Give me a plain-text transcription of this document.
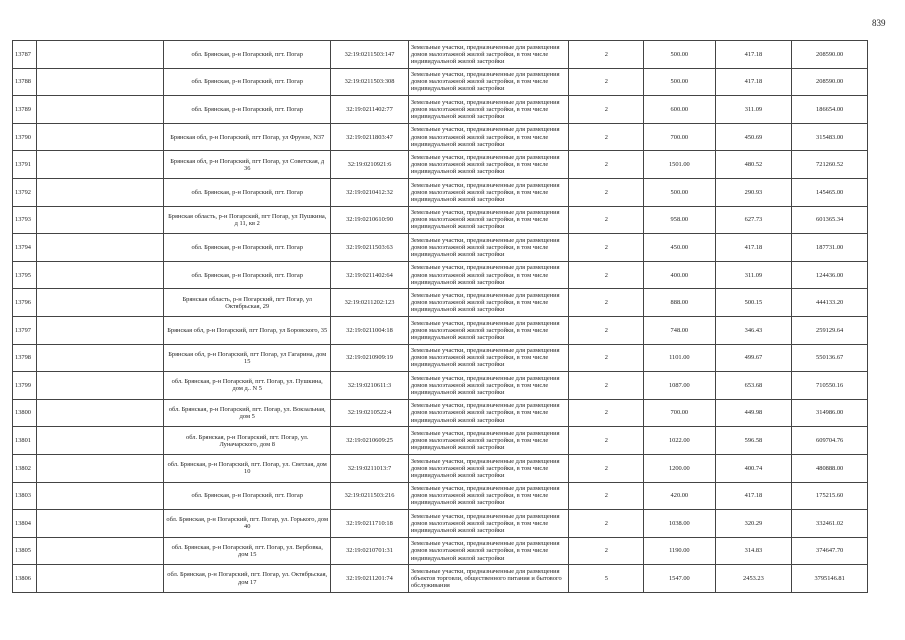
839
13787		обл. Брянская, р-н Погарский, пгт. Погар	32:19:0211503:147	Земельные участки, предназначенные для размещения домов малоэтажной жилой застройки, в том числе индивидуальной жилой застройки	2	500.00	417.18	208590.00
13788		обл. Брянская, р-н Погарский, пгт. Погар	32:19:0211503:308	Земельные участки, предназначенные для размещения домов малоэтажной жилой застройки, в том числе индивидуальной жилой застройки	2	500.00	417.18	208590.00
13789		обл. Брянская, р-н Погарский, пгт. Погар	32:19:0211402:77	Земельные участки, предназначенные для размещения домов малоэтажной жилой застройки, в том числе индивидуальной жилой застройки	2	600.00	311.09	186654.00
13790		Брянская обл, р-н Погарский, пгт Погар, ул Фрунзе, N37	32:19:0211803:47	Земельные участки, предназначенные для размещения домов малоэтажной жилой застройки, в том числе индивидуальной жилой застройки	2	700.00	450.69	315483.00
13791		Брянская обл, р-н Погарский, пгт Погар, ул Советская, д 36	32:19:0210921:6	Земельные участки, предназначенные для размещения домов малоэтажной жилой застройки, в том числе индивидуальной жилой застройки	2	1501.00	480.52	721260.52
13792		обл. Брянская, р-н Погарский, пгт. Погар	32:19:0210412:32	Земельные участки, предназначенные для размещения домов малоэтажной жилой застройки, в том числе индивидуальной жилой застройки	2	500.00	290.93	145465.00
13793		Брянская область, р-н Погарский, пгт Погар, ул Пушкина, д 11, кв 2	32:19:0210610:90	Земельные участки, предназначенные для размещения домов малоэтажной жилой застройки, в том числе индивидуальной жилой застройки	2	958.00	627.73	601365.34
13794		обл. Брянская, р-н Погарский, пгт. Погар	32:19:0211503:63	Земельные участки, предназначенные для размещения домов малоэтажной жилой застройки, в том числе индивидуальной жилой застройки	2	450.00	417.18	187731.00
13795		обл. Брянская, р-н Погарский, пгт. Погар	32:19:0211402:64	Земельные участки, предназначенные для размещения домов малоэтажной жилой застройки, в том числе индивидуальной жилой застройки	2	400.00	311.09	124436.00
13796		Брянская область, р-н Погарский, пгт Погар, ул Октябрьская, 29	32:19:0211202:123	Земельные участки, предназначенные для размещения домов малоэтажной жилой застройки, в том числе индивидуальной жилой застройки	2	888.00	500.15	444133.20
13797		Брянская обл, р-н Погарский, пгт Погар, ул Боровского, 35	32:19:0211004:18	Земельные участки, предназначенные для размещения домов малоэтажной жилой застройки, в том числе индивидуальной жилой застройки	2	748.00	346.43	259129.64
13798		Брянская обл, р-н Погарский, пгт Погар, ул Гагарина, дом 15	32:19:0210909:19	Земельные участки, предназначенные для размещения домов малоэтажной жилой застройки, в том числе индивидуальной жилой застройки	2	1101.00	499.67	550136.67
13799		обл. Брянская, р-н Погарский, пгт. Погар, ул. Пушкина, дом д.. N 5	32:19:0210611:3	Земельные участки, предназначенные для размещения домов малоэтажной жилой застройки, в том числе индивидуальной жилой застройки	2	1087.00	653.68	710550.16
13800		обл. Брянская, р-н Погарский, пгт. Погар, ул. Вокзальная, дом 5	32:19:0210522:4	Земельные участки, предназначенные для размещения домов малоэтажной жилой застройки, в том числе индивидуальной жилой застройки	2	700.00	449.98	314986.00
13801		обл. Брянская, р-н Погарский, пгт. Погар, ул. Луначарского, дом 8	32:19:0210609:25	Земельные участки, предназначенные для размещения домов малоэтажной жилой застройки, в том числе индивидуальной жилой застройки	2	1022.00	596.58	609704.76
13802		обл. Брянская, р-н Погарский, пгт. Погар, ул. Светлая, дом 10	32:19:0211013:7	Земельные участки, предназначенные для размещения домов малоэтажной жилой застройки, в том числе индивидуальной жилой застройки	2	1200.00	400.74	480888.00
13803		обл. Брянская, р-н Погарский, пгт. Погар	32:19:0211503:216	Земельные участки, предназначенные для размещения домов малоэтажной жилой застройки, в том числе индивидуальной жилой застройки	2	420.00	417.18	175215.60
13804		обл. Брянская, р-н Погарский, пгт. Погар, ул. Горького, дом 40	32:19:0211710:18	Земельные участки, предназначенные для размещения домов малоэтажной жилой застройки, в том числе индивидуальной жилой застройки	2	1038.00	320.29	332461.02
13805		обл. Брянская, р-н Погарский, пгт. Погар, ул. Вербовка, дом 15	32:19:0210701:31	Земельные участки, предназначенные для размещения домов малоэтажной жилой застройки, в том числе индивидуальной жилой застройки	2	1190.00	314.83	374647.70
13806		обл. Брянская, р-н Погарский, пгт. Погар, ул. Октябрьская, дом 17	32:19:0211201:74	Земельные участки, предназначенные для размещения объектов торговли, общественного питания и бытового обслуживания	5	1547.00	2453.23	3795146.81
